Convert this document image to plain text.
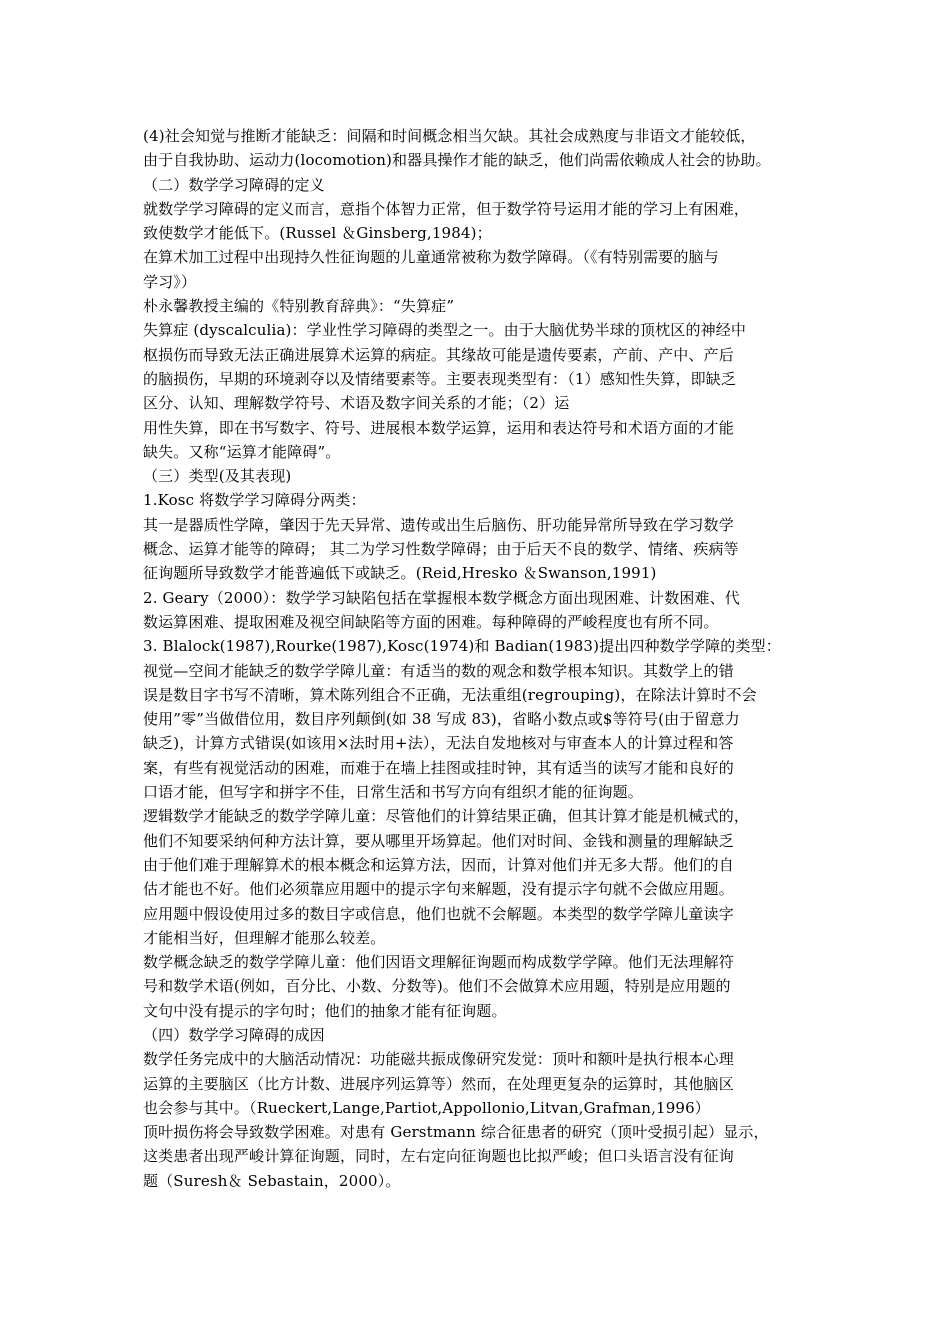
(4)社会知觉与推断才能缺乏：间隔和时间概念相当欠缺。其社会成熟度与非语文才能较低，
由于自我协助、运动力(locomotion)和器具操作才能的缺乏，他们尚需依赖成人社会的协助。
（二）数学学习障碍的定义
就数学学习障碍的定义而言，意指个体智力正常，但于数学符号运用才能的学习上有困难，
致使数学才能低下。(Russel ＆Ginsberg,1984)；
在算术加工过程中出现持久性征询题的儿童通常被称为数学障碍。（《有特别需要的脑与
学习》）
朴永馨教授主编的《特别教育辞典》：“失算症”
失算症 (dyscalculia)：学业性学习障碍的类型之一。由于大脑优势半球的顶枕区的神经中
枢损伤而导致无法正确进展算术运算的病症。其缘故可能是遗传要素，产前、产中、产后
的脑损伤，早期的环境剥夺以及情绪要素等。主要表现类型有：（1）感知性失算，即缺乏
区分、认知、理解数学符号、术语及数字间关系的才能；（2）运
用性失算，即在书写数字、符号、进展根本数学运算，运用和表达符号和术语方面的才能
缺失。又称“运算才能障碍”。
（三）类型(及其表现)
1.Kosc 将数学学习障碍分两类：
其一是器质性学障，肇因于先天异常、遗传或出生后脑伤、肝功能异常所导致在学习数学
概念、运算才能等的障碍； 其二为学习性数学障碍；由于后天不良的数学、情绪、疾病等
征询题所导致数学才能普遍低下或缺乏。(Reid,Hresko ＆Swanson,1991)
2. Geary（2000）：数学学习缺陷包括在掌握根本数学概念方面出现困难、计数困难、代
数运算困难、提取困难及视空间缺陷等方面的困难。每种障碍的严峻程度也有所不同。
3. Blalock(1987),Rourke(1987),Kosc(1974)和 Badian(1983)提出四种数学学障的类型：
视觉—空间才能缺乏的数学学障儿童：有适当的数的观念和数学根本知识。其数学上的错
误是数目字书写不清晰，算术陈列组合不正确，无法重组(regrouping)，在除法计算时不会
使用”零”当做借位用，数目序列颠倒(如 38 写成 83)，省略小数点或$等符号(由于留意力
缺乏)，计算方式错误(如该用×法时用+法），无法自发地核对与审查本人的计算过程和答
案，有些有视觉活动的困难，而难于在墙上挂图或挂时钟，其有适当的读写才能和良好的
口语才能，但写字和拼字不佳，日常生活和书写方向有组织才能的征询题。
逻辑数学才能缺乏的数学学障儿童：尽管他们的计算结果正确，但其计算才能是机械式的，
他们不知要采纳何种方法计算，要从哪里开场算起。他们对时间、金钱和测量的理解缺乏
由于他们难于理解算术的根本概念和运算方法，因而，计算对他们并无多大帮。他们的自
估才能也不好。他们必须靠应用题中的提示字句来解题，没有提示字句就不会做应用题。
应用题中假设使用过多的数目字或信息，他们也就不会解题。本类型的数学学障儿童读字
才能相当好，但理解才能那么较差。
数学概念缺乏的数学学障儿童：他们因语文理解征询题而构成数学学障。他们无法理解符
号和数学术语(例如，百分比、小数、分数等)。他们不会做算术应用题，特别是应用题的
文句中没有提示的字句时；他们的抽象才能有征询题。
（四）数学学习障碍的成因
数学任务完成中的大脑活动情况：功能磁共振成像研究发觉：顶叶和额叶是执行根本心理
运算的主要脑区（比方计数、进展序列运算等）然而，在处理更复杂的运算时，其他脑区
也会参与其中。（Rueckert,Lange,Partiot,Appollonio,Litvan,Grafman,1996）
顶叶损伤将会导致数学困难。对患有 Gerstmann 综合征患者的研究（顶叶受损引起）显示，
这类患者出现严峻计算征询题，同时，左右定向征询题也比拟严峻；但口头语言没有征询
题（Suresh＆ Sebastain，2000）。
